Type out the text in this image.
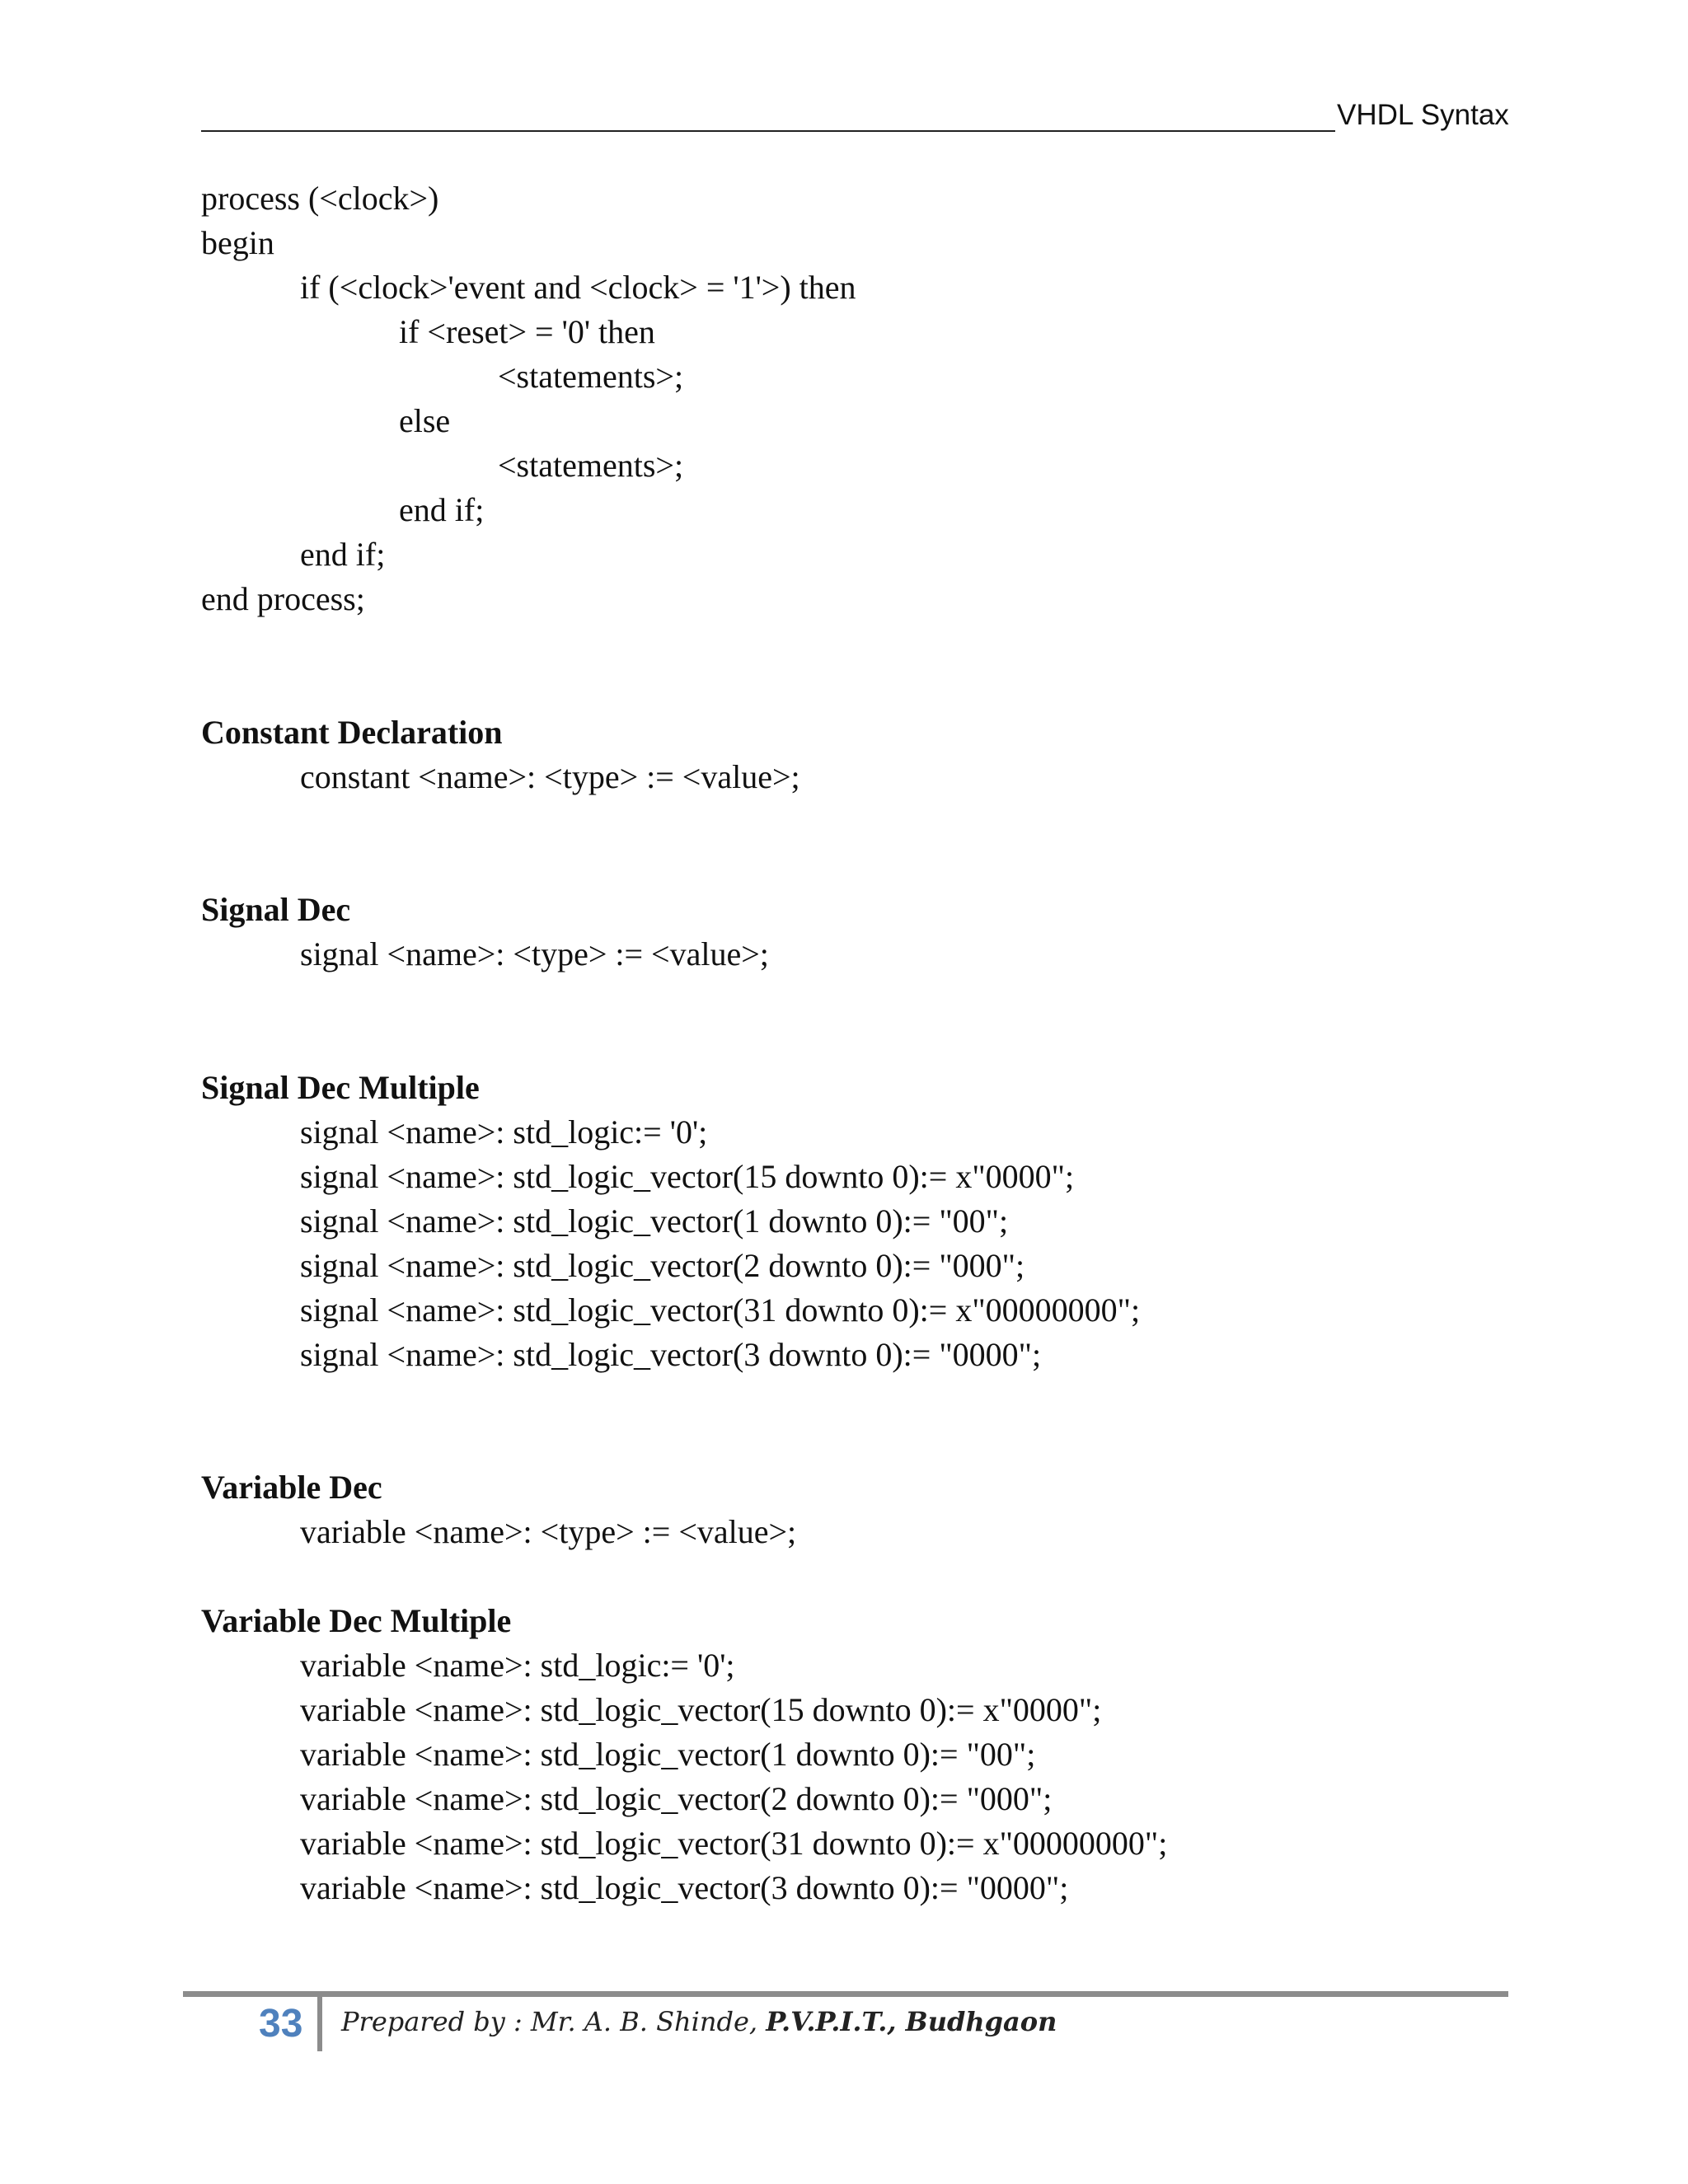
VHDL Syntax
process (<clock>)
begin
if (<clock>'event and <clock> = '1'>) then
if <reset> = '0' then
<statements>;
else
<statements>;
end if;
end if;
end process;
Constant Declaration
constant <name>: <type> := <value>;
Signal Dec
signal <name>: <type> := <value>;
Signal Dec Multiple
signal <name>: std_logic:= '0';
signal <name>: std_logic_vector(15 downto 0):= x"0000";
signal <name>: std_logic_vector(1 downto 0):= "00";
signal <name>: std_logic_vector(2 downto 0):= "000";
signal <name>: std_logic_vector(31 downto 0):= x"00000000";
signal <name>: std_logic_vector(3 downto 0):= "0000";
Variable Dec
variable <name>: <type> := <value>;
Variable Dec Multiple
variable <name>: std_logic:= '0';
variable <name>: std_logic_vector(15 downto 0):= x"0000";
variable <name>: std_logic_vector(1 downto 0):= "00";
variable <name>: std_logic_vector(2 downto 0):= "000";
variable <name>: std_logic_vector(31 downto 0):= x"00000000";
variable <name>: std_logic_vector(3 downto 0):= "0000";
33 Prepared by : Mr. A. B. Shinde, P.V.P.I.T., Budhgaon
